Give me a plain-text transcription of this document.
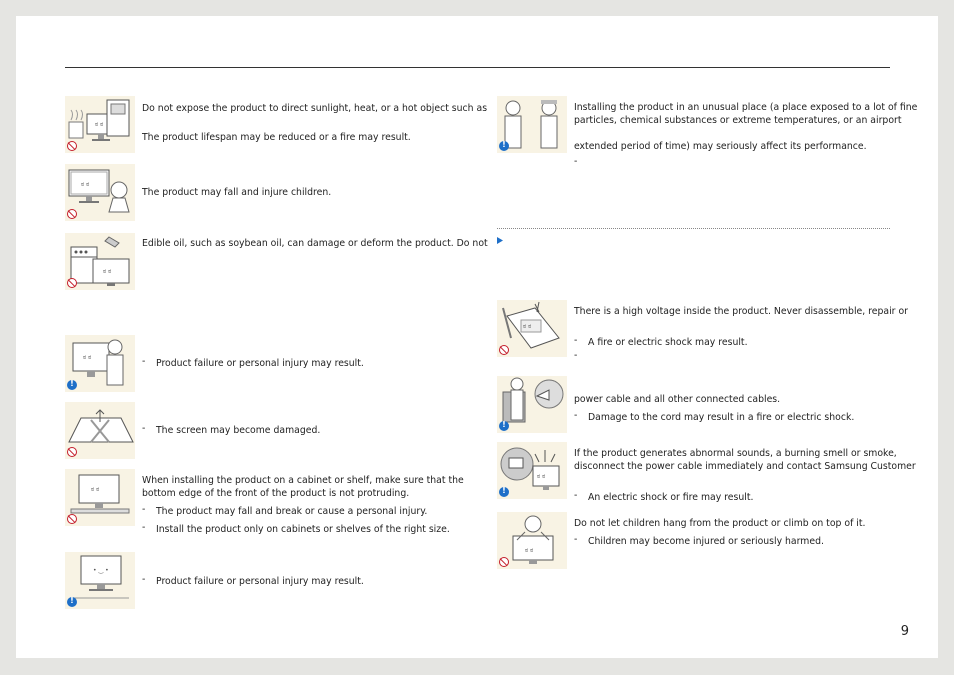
ಠ ಠ
Do not expose the product to direct sunlight, heat, or a hot object such as
The product lifespan may be reduced or a fire may result.
ಠ ಠ
The product may fall and injure children.
ಠ ಠ
Edible oil, such as soybean oil, can damage or deform the product. Do not
ಠ ಠ
!	- Product failure or personal injury may result.
- The screen may become damaged.
ಠ ಠ
When installing the product on a cabinet or shelf, make sure that the
bottom edge of the front of the product is not protruding.
- The product may fall and break or cause a personal injury.
- Install the product only on cabinets or shelves of the right size.
• ‿ •
!
- Product failure or personal injury may result.
!
Installing the product in an unusual place (a place exposed to a lot of fine
particles, chemical substances or extreme temperatures, or an airport
extended period of time) may seriously affect its performance.
-
ಠ ಠ
There is a high voltage inside the product. Never disassemble, repair or
- A fire or electric shock may result.
-
!
power cable and all other connected cables.
- Damage to the cord may result in a fire or electric shock.
ಠ ಠ
!
If the product generates abnormal sounds, a burning smell or smoke,
disconnect the power cable immediately and contact Samsung Customer
- An electric shock or fire may result.
ಠ ಠ
Do not let children hang from the product or climb on top of it.
- Children may become injured or seriously harmed.
9
